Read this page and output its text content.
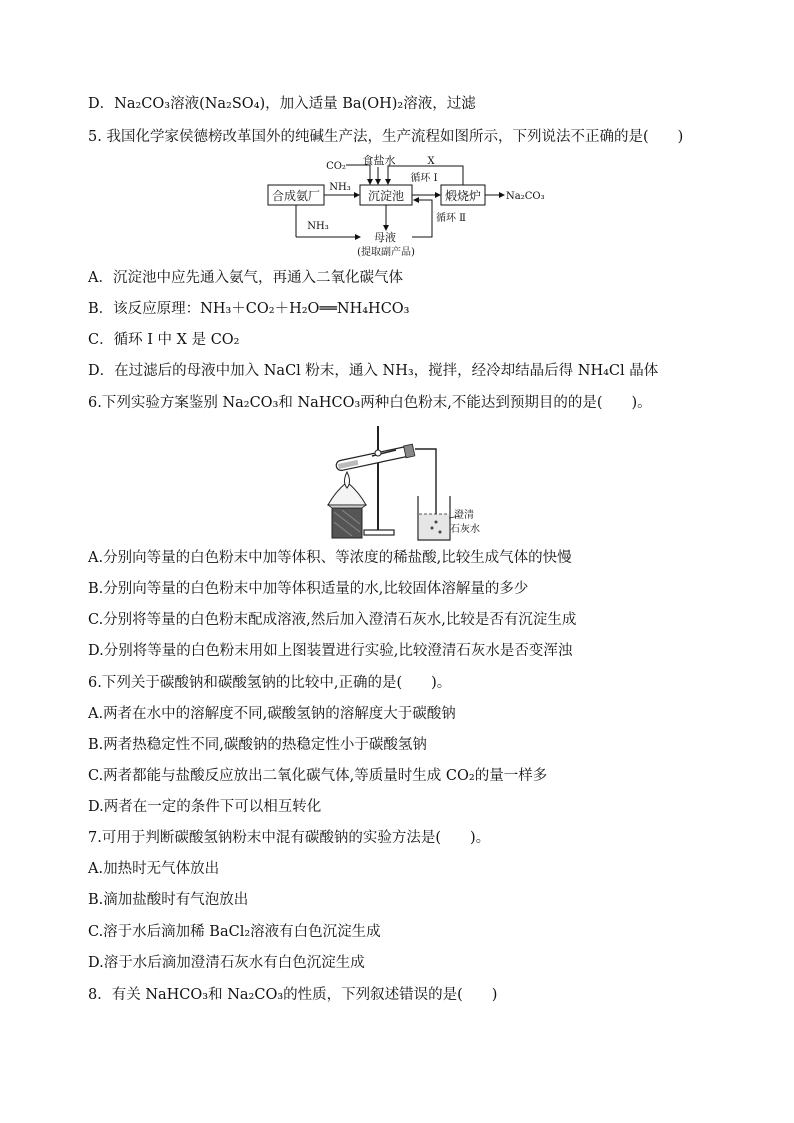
D．Na₂CO₃溶液(Na₂SO₄)，加入适量 Ba(OH)₂溶液，过滤
5. 我国化学家侯德榜改革国外的纯碱生产法，生产流程如图所示，下列说法不正确的是(　　)
合成氨厂	沉淀池	煅烧炉
NH₃
Na₂CO₃
CO₂ 食盐水	X
循环 Ⅰ
NH₃
母液
(提取副产品)
循环 Ⅱ
A．沉淀池中应先通入氨气，再通入二氧化碳气体
B．该反应原理：NH₃＋CO₂＋H₂O══NH₄HCO₃
C．循环 I 中 X 是 CO₂
D．在过滤后的母液中加入 NaCl 粉末，通入 NH₃，搅拌，经冷却结晶后得 NH₄Cl 晶体
6.下列实验方案鉴别 Na₂CO₃和 NaHCO₃两种白色粉末,不能达到预期目的的是(　　)。
澄清
石灰水
A.分别向等量的白色粉末中加等体积、等浓度的稀盐酸,比较生成气体的快慢
B.分别向等量的白色粉末中加等体积适量的水,比较固体溶解量的多少
C.分别将等量的白色粉末配成溶液,然后加入澄清石灰水,比较是否有沉淀生成
D.分别将等量的白色粉末用如上图装置进行实验,比较澄清石灰水是否变浑浊
6.下列关于碳酸钠和碳酸氢钠的比较中,正确的是(　　)。
A.两者在水中的溶解度不同,碳酸氢钠的溶解度大于碳酸钠
B.两者热稳定性不同,碳酸钠的热稳定性小于碳酸氢钠
C.两者都能与盐酸反应放出二氧化碳气体,等质量时生成 CO₂的量一样多
D.两者在一定的条件下可以相互转化
7.可用于判断碳酸氢钠粉末中混有碳酸钠的实验方法是(　　)。
A.加热时无气体放出
B.滴加盐酸时有气泡放出
C.溶于水后滴加稀 BaCl₂溶液有白色沉淀生成
D.溶于水后滴加澄清石灰水有白色沉淀生成
8．有关 NaHCO₃和 Na₂CO₃的性质，下列叙述错误的是(　　)
